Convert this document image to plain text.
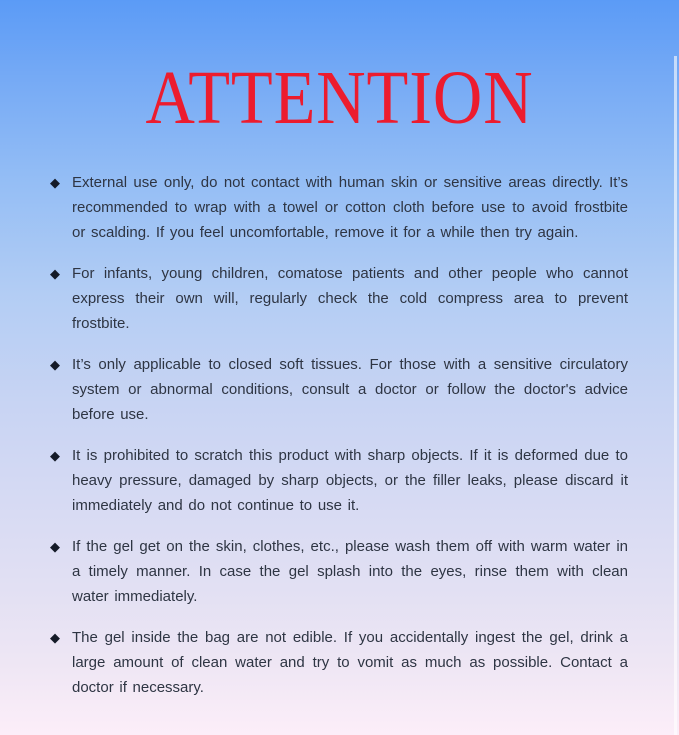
ATTENTION
◆ External use only, do not contact with human skin or sensitive areas directly. It’s recommended to wrap with a towel or cotton cloth before use to avoid frostbite or scalding. If you feel uncomfortable, remove it for a while then try again.

◆ For infants, young children, comatose patients and other people who cannot express their own will, regularly check the cold compress area to prevent frostbite.

◆ It’s only applicable to closed soft tissues. For those with a sensitive circulatory system or abnormal conditions, consult a doctor or follow the doctor's advice before use.

◆ It is prohibited to scratch this product with sharp objects. If it is deformed due to heavy pressure, damaged by sharp objects, or the filler leaks, please discard it immediately and do not continue to use it.

◆ If the gel get on the skin, clothes, etc., please wash them off with warm water in a timely manner. In case the gel splash into the eyes, rinse them with clean water immediately.

◆ The gel inside the bag are not edible. If you accidentally ingest the gel, drink a large amount of clean water and try to vomit as much as possible. Contact a doctor if necessary.
